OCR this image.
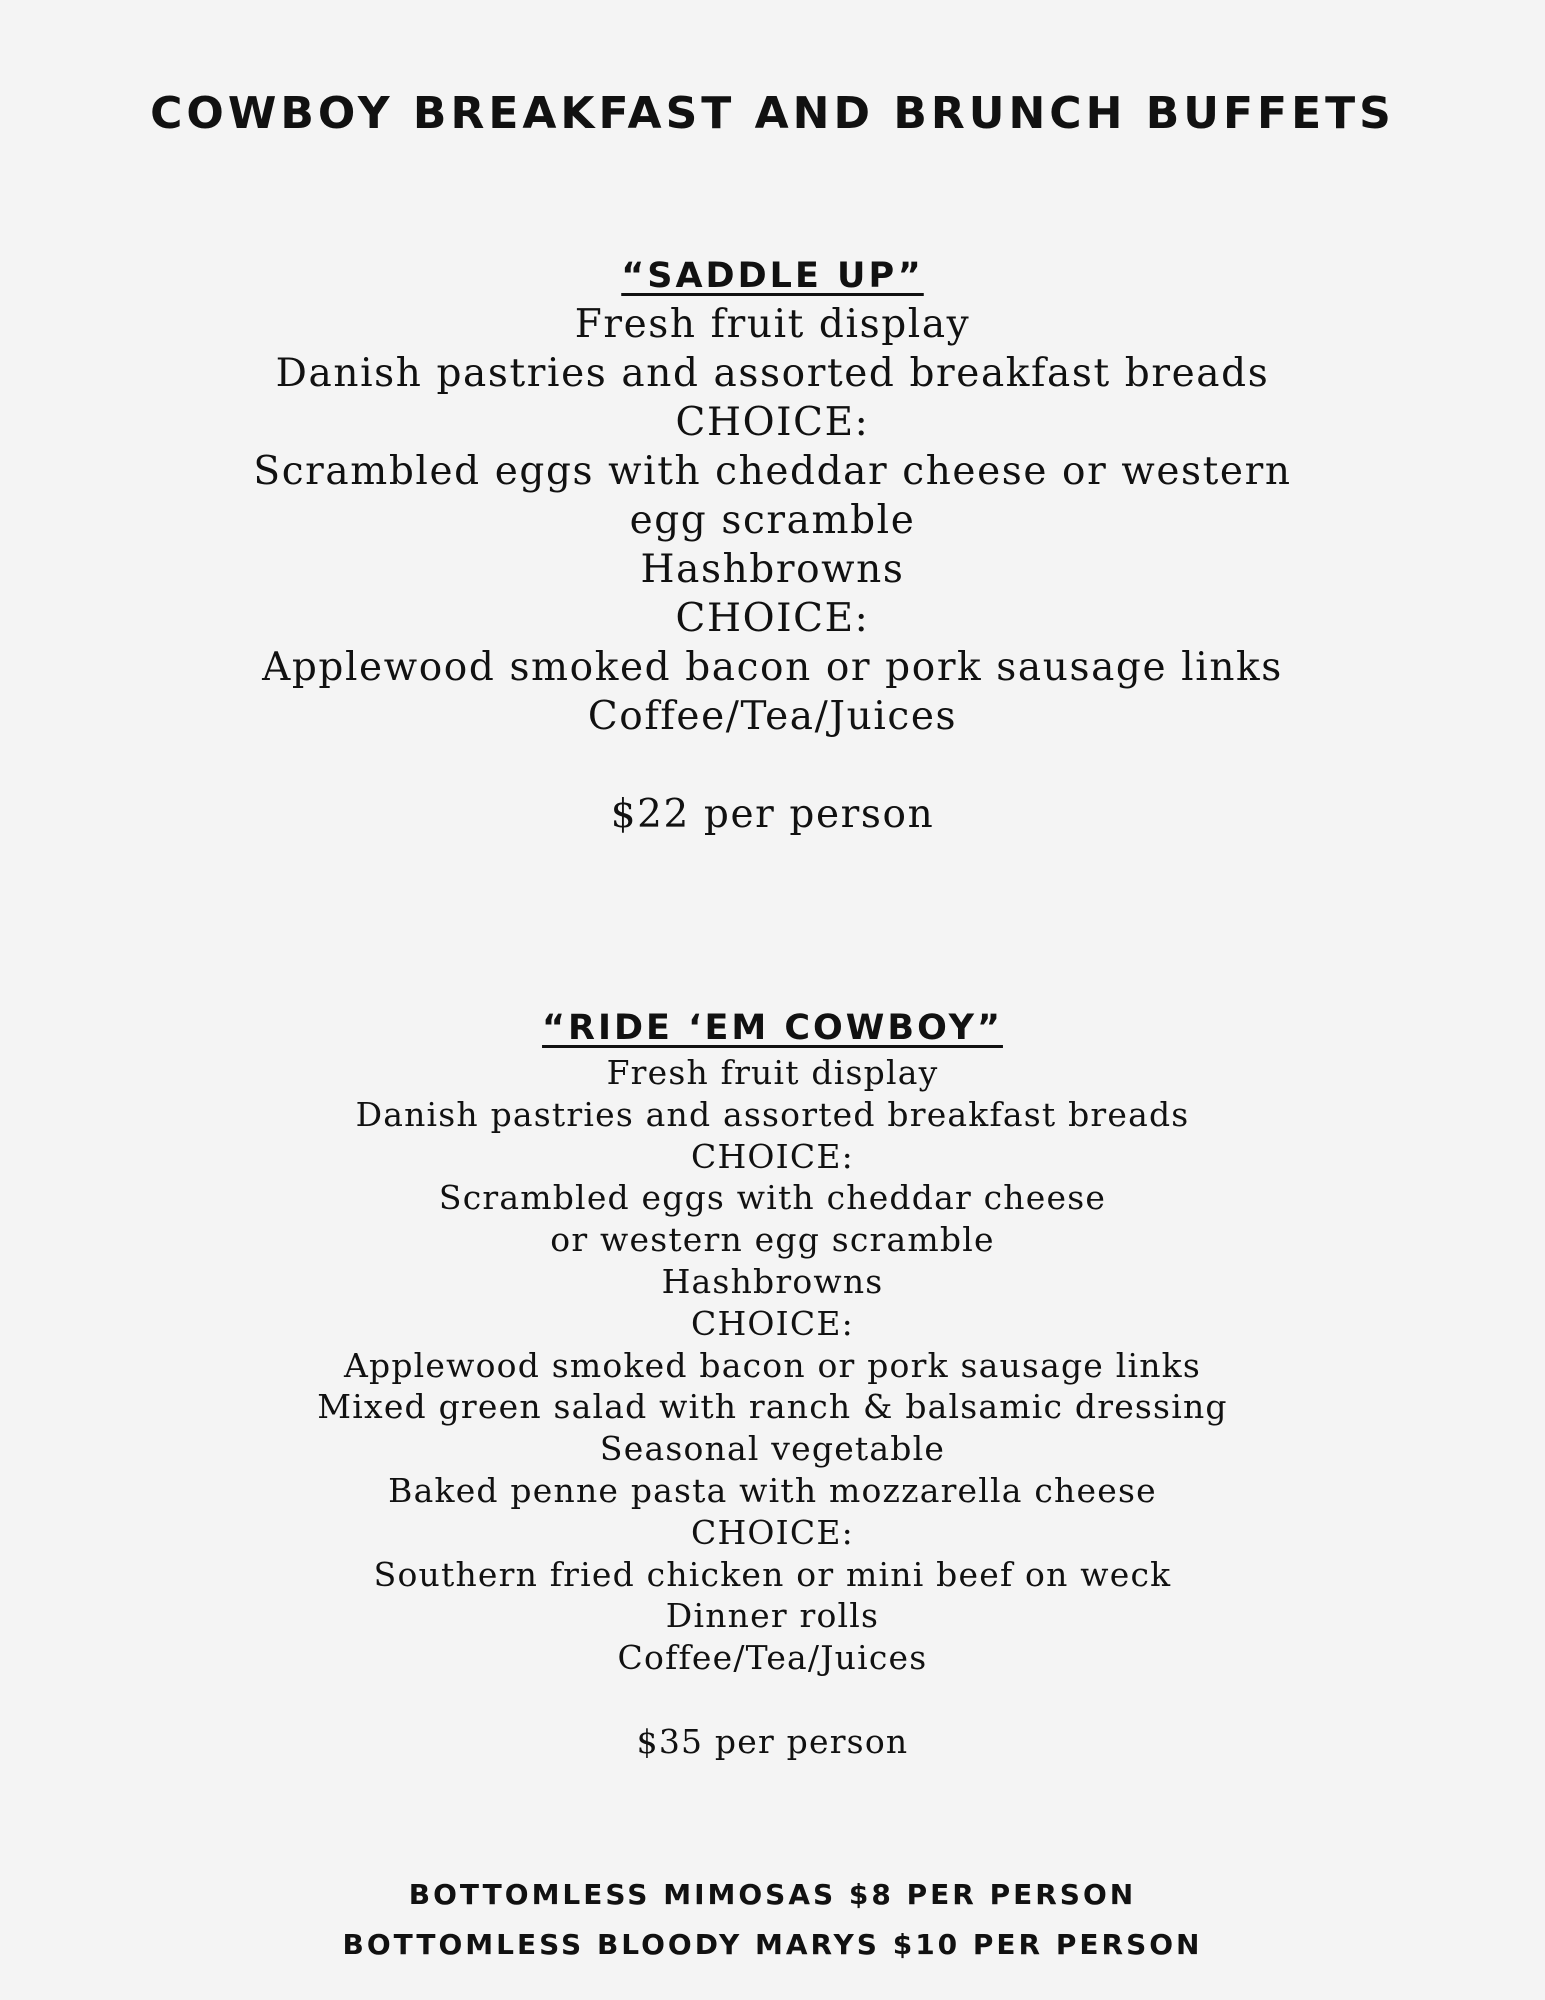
COWBOY BREAKFAST AND BRUNCH BUFFETS
“SADDLE UP”
Fresh fruit display
Danish pastries and assorted breakfast breads
CHOICE:
Scrambled eggs with cheddar cheese or western
egg scramble
Hashbrowns
CHOICE:
Applewood smoked bacon or pork sausage links
Coffee/Tea/Juices
$22 per person
“RIDE ‘EM COWBOY”
Fresh fruit display
Danish pastries and assorted breakfast breads
CHOICE:
Scrambled eggs with cheddar cheese
or western egg scramble
Hashbrowns
CHOICE:
Applewood smoked bacon or pork sausage links
Mixed green salad with ranch & balsamic dressing
Seasonal vegetable
Baked penne pasta with mozzarella cheese
CHOICE:
Southern fried chicken or mini beef on weck
Dinner rolls
Coffee/Tea/Juices
$35 per person
BOTTOMLESS MIMOSAS $8 PER PERSON
BOTTOMLESS BLOODY MARYS $10 PER PERSON
